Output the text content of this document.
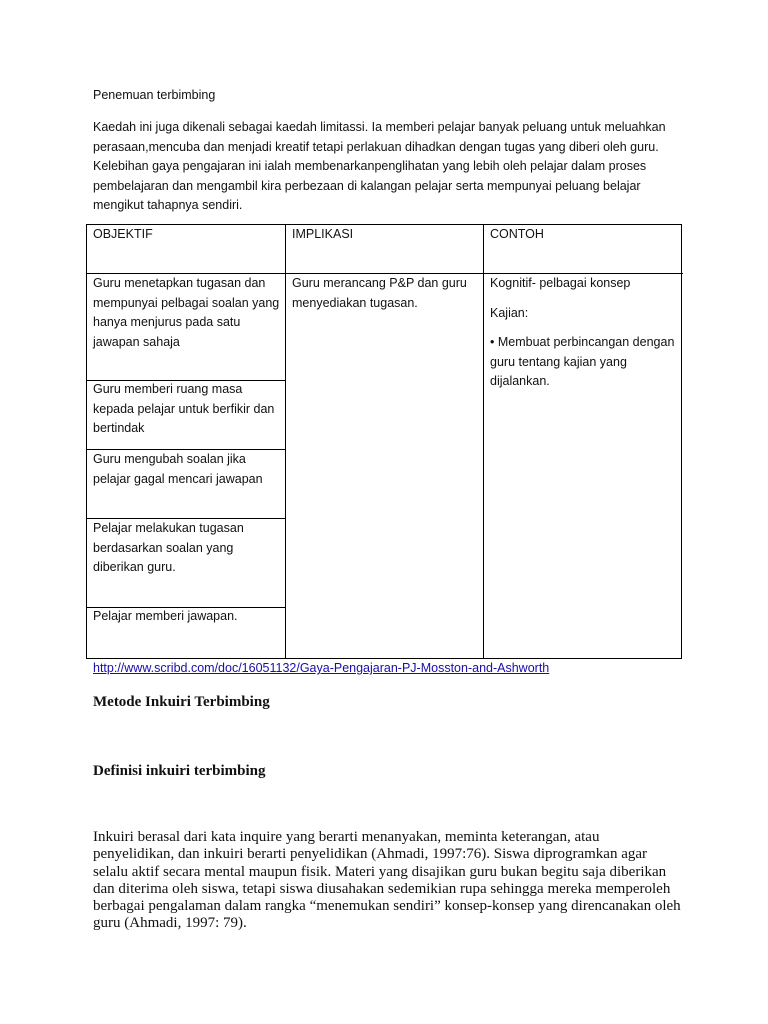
Penemuan terbimbing
Kaedah ini juga dikenali sebagai kaedah limitassi. Ia memberi pelajar banyak peluang untuk meluahkan perasaan,mencuba dan menjadi kreatif tetapi perlakuan dihadkan dengan tugas yang diberi oleh guru. Kelebihan gaya pengajaran ini ialah membenarkanpenglihatan yang lebih oleh pelajar dalam proses pembelajaran dan mengambil kira perbezaan di kalangan pelajar serta mempunyai peluang belajar mengikut tahapnya sendiri.
OBJEKTIF	IMPLIKASI	CONTOH
Guru menetapkan tugasan dan mempunyai pelbagai soalan yang hanya menjurus pada satu jawapan sahaja
Guru memberi ruang masa kepada pelajar untuk berfikir dan bertindak
Guru mengubah soalan jika pelajar gagal mencari jawapan
Pelajar melakukan tugasan berdasarkan soalan yang diberikan guru.
Pelajar memberi jawapan.
Guru merancang P&P dan guru menyediakan tugasan.

Kognitif- pelbagai konsep

Kajian:

• Membuat perbincangan dengan guru tentang kajian yang dijalankan.

http://www.scribd.com/doc/16051132/Gaya-Pengajaran-PJ-Mosston-and-Ashworth
Metode Inkuiri Terbimbing
Definisi inkuiri terbimbing
Inkuiri berasal dari kata inquire yang berarti menanyakan, meminta keterangan, atau penyelidikan, dan inkuiri berarti penyelidikan (Ahmadi, 1997:76). Siswa diprogramkan agar selalu aktif secara mental maupun fisik. Materi yang disajikan guru bukan begitu saja diberikan dan diterima oleh siswa, tetapi siswa diusahakan sedemikian rupa sehingga mereka memperoleh berbagai pengalaman dalam rangka “menemukan sendiri” konsep-konsep yang direncanakan oleh guru (Ahmadi, 1997: 79).
